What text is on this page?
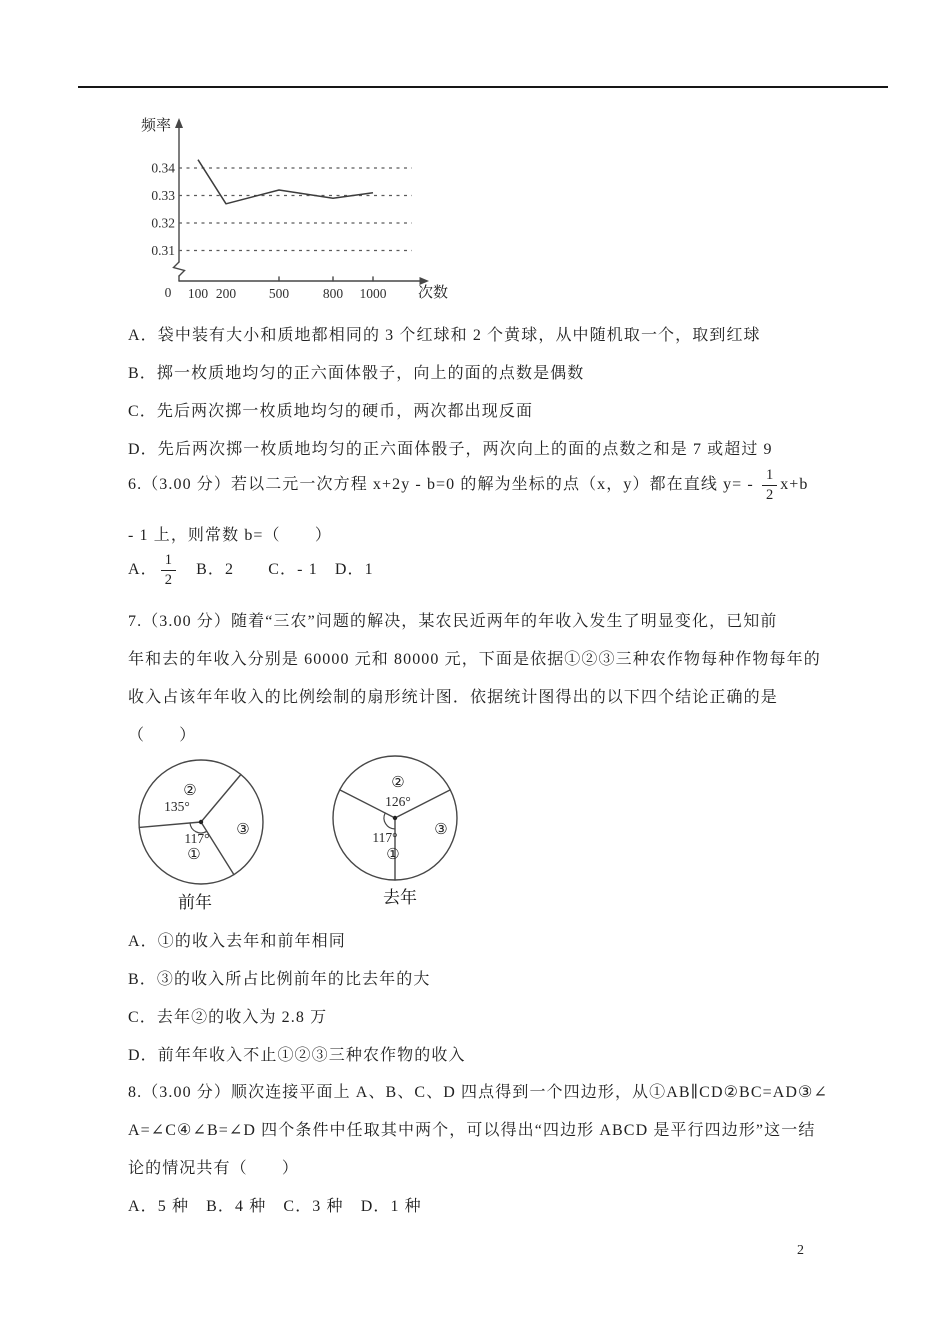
频率
0.34
0.33
0.32
0.31
100 200 500	800 1000
0	次数
A．袋中装有大小和质地都相同的 3 个红球和 2 个黄球，从中随机取一个，取到红球
B．掷一枚质地均匀的正六面体骰子，向上的面的点数是偶数
C．先后两次掷一枚质地均匀的硬币，两次都出现反面
D．先后两次掷一枚质地均匀的正六面体骰子，两次向上的面的点数之和是 7 或超过 9
6.（3.00 分）若以二元一次方程 x+2y - b=0 的解为坐标的点（x，y）都在直线 $y= - \frac{1}{2} x+b$
- 1 上，则常数 b=（　　）
A． $\frac{1}{2}$ 　B．2　　C．- 1　D．1
7.（3.00 分）随着“三农”问题的解决，某农民近两年的年收入发生了明显变化，已知前
年和去的年收入分别是 60000 元和 80000 元，下面是依据①②③三种农作物每种作物每年的
收入占该年年收入的比例绘制的扇形统计图．依据统计图得出的以下四个结论正确的是
（　　）
②
135°
117°
①
③
前年
②
126°
117°
①
③
去年
A．①的收入去年和前年相同
B．③的收入所占比例前年的比去年的大
C．去年②的收入为 2.8 万
D．前年年收入不止①②③三种农作物的收入
8.（3.00 分）顺次连接平面上 A、B、C、D 四点得到一个四边形，从①AB∥CD②BC=AD③∠
A=∠C④∠B=∠D 四个条件中任取其中两个，可以得出“四边形 ABCD 是平行四边形”这一结
论的情况共有（　　）
A．5 种　B．4 种　C．3 种　D．1 种
2
